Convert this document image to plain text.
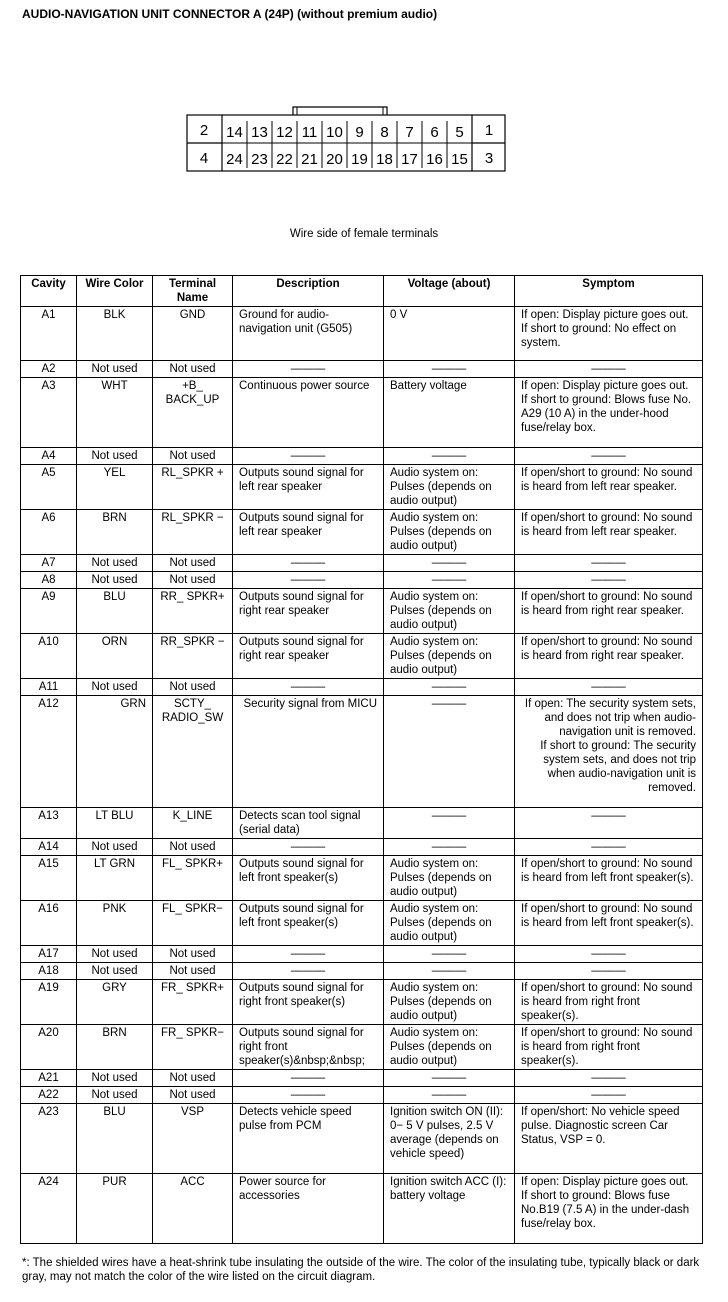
AUDIO-NAVIGATION UNIT CONNECTOR A (24P) (without premium audio)
14 13 12 11 10 9 8 7 6 5
24 23 22 21 20 19 18 17 16 15
2
4
1
3
Wire side of female terminals
Cavity	Wire Color	Terminal Name	Description	Voltage (about)	Symptom
A1	BLK	GND	Ground for audio-navigation unit (G505)	0 V	If open: Display picture goes out.
If short to ground: No effect on system.

A2	Not used	Not used	———	———	———
A3	WHT	+B_ BACK_UP	Continuous power source	Battery voltage	If open: Display picture goes out.
If short to ground: Blows fuse No. A29 (10 A) in the under-hood fuse/relay box.

A4	Not used	Not used	———	———	———
A5	YEL	RL_SPKR +	Outputs sound signal for left rear speaker	Audio system on: Pulses (depends on audio output)	If open/short to ground: No sound is heard from left rear speaker.
A6	BRN	RL_SPKR −	Outputs sound signal for left rear speaker	Audio system on: Pulses (depends on audio output)	If open/short to ground: No sound is heard from left rear speaker.
A7	Not used	Not used	———	———	———
A8	Not used	Not used	———	———	———
A9	BLU	RR_ SPKR+	Outputs sound signal for right rear speaker	Audio system on: Pulses (depends on audio output)	If open/short to ground: No sound is heard from right rear speaker.
A10	ORN	RR_SPKR −	Outputs sound signal for right rear speaker	Audio system on: Pulses (depends on audio output)	If open/short to ground: No sound is heard from right rear speaker.
A11	Not used	Not used	———	———	———
A12	GRN	SCTY_ RADIO_SW	Security signal from MICU	———	If open: The security system sets, and does not trip when audio-navigation unit is removed.
If short to ground: The security system sets, and does not trip when audio-navigation unit is removed.

A13	LT BLU	K_LINE	Detects scan tool signal (serial data)	———	———
A14	Not used	Not used	———	———	———
A15	LT GRN	FL_ SPKR+	Outputs sound signal for left front speaker(s)	Audio system on: Pulses (depends on audio output)	If open/short to ground: No sound is heard from left front speaker(s).
A16	PNK	FL_ SPKR−	Outputs sound signal for left front speaker(s)	Audio system on: Pulses (depends on audio output)	If open/short to ground: No sound is heard from left front speaker(s).
A17	Not used	Not used	———	———	———
A18	Not used	Not used	———	———	———
A19	GRY	FR_ SPKR+	Outputs sound signal for right front speaker(s)	Audio system on: Pulses (depends on audio output)	If open/short to ground: No sound is heard from right front speaker(s).
A20	BRN	FR_ SPKR−	Outputs sound signal for right front speaker(s)&nbsp;&nbsp;	Audio system on: Pulses (depends on audio output)	If open/short to ground: No sound is heard from right front speaker(s).
A21	Not used	Not used	———	———	———
A22	Not used	Not used	———	———	———
A23	BLU	VSP	Detects vehicle speed pulse from PCM	Ignition switch ON (II): 0− 5 V pulses, 2.5 V average (depends on vehicle speed)	If open/short: No vehicle speed pulse. Diagnostic screen Car Status, VSP = 0.
A24	PUR	ACC	Power source for accessories	Ignition switch ACC (I): battery voltage	If open: Display picture goes out.
If short to ground: Blows fuse No.B19 (7.5 A) in the under-dash fuse/relay box.
*: The shielded wires have a heat-shrink tube insulating the outside of the wire. The color of the insulating tube, typically black or dark gray, may not match the color of the wire listed on the circuit diagram.
